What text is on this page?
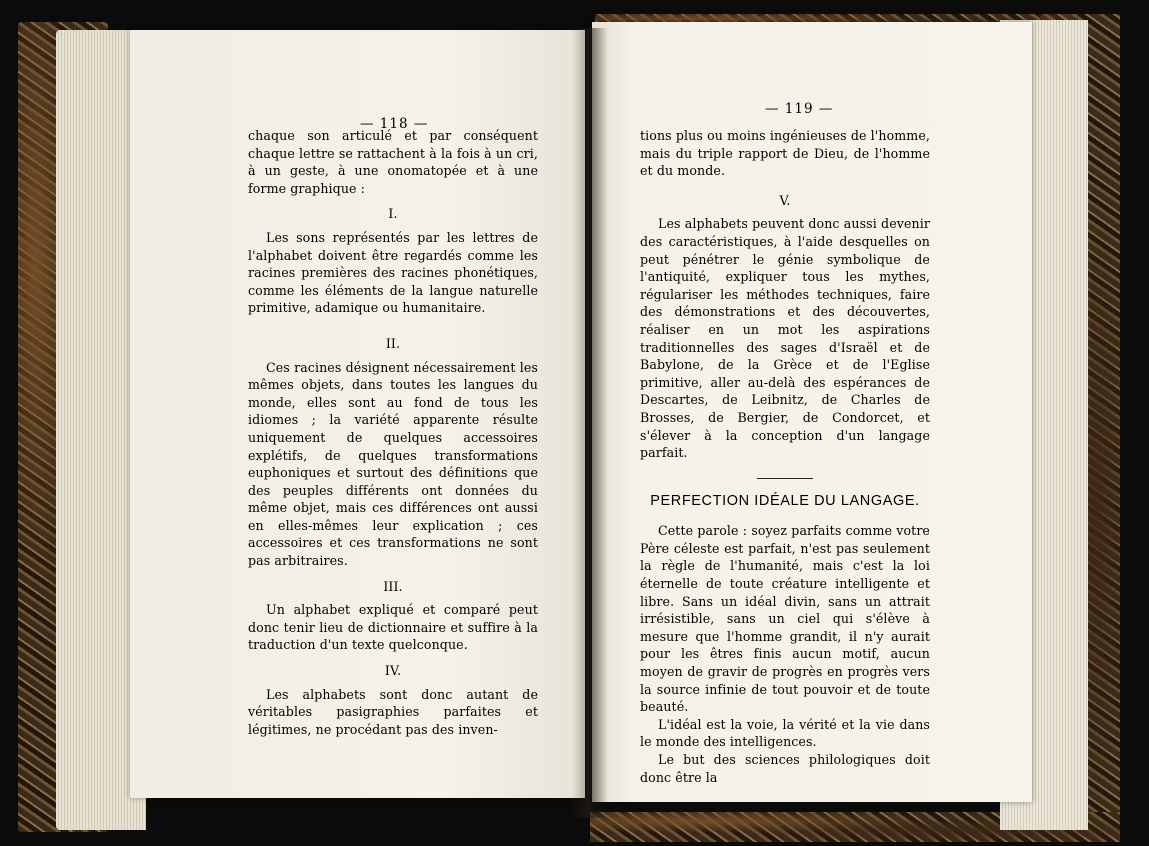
— 118 —

chaque son articulé et par conséquent chaque lettre se rattachent à la fois à un cri, à un geste, à une onomatopée et à une forme graphique :

I.

Les sons représentés par les lettres de l'alphabet doivent être regardés comme les racines premières des racines phonétiques, comme les éléments de la langue naturelle primitive, adamique ou humanitaire.

II.

Ces racines désignent nécessairement les mêmes objets, dans toutes les langues du monde, elles sont au fond de tous les idiomes ; la variété apparente résulte uniquement de quelques accessoires explétifs, de quelques transformations euphoniques et surtout des définitions que des peuples différents ont données du même objet, mais ces différences ont aussi en elles-mêmes leur explication ; ces accessoires et ces transformations ne sont pas arbitraires.

III.

Un alphabet expliqué et comparé peut donc tenir lieu de dictionnaire et suffire à la traduction d'un texte quelconque.

IV.

Les alphabets sont donc autant de véritables pasigraphies parfaites et légitimes, ne procédant pas des inven-

— 119 —

tions plus ou moins ingénieuses de l'homme, mais du triple rapport de Dieu, de l'homme et du monde.

V.

Les alphabets peuvent donc aussi devenir des caractéristiques, à l'aide desquelles on peut pénétrer le génie symbolique de l'antiquité, expliquer tous les mythes, régulariser les méthodes techniques, faire des démonstrations et des découvertes, réaliser en un mot les aspirations traditionnelles des sages d'Israël et de Babylone, de la Grèce et de l'Eglise primitive, aller au-delà des espérances de Descartes, de Leibnitz, de Charles de Brosses, de Bergier, de Condorcet, et s'élever à la conception d'un langage parfait.

PERFECTION IDÉALE DU LANGAGE.

Cette parole : soyez parfaits comme votre Père céleste est parfait, n'est pas seulement la règle de l'humanité, mais c'est la loi éternelle de toute créature intelligente et libre. Sans un idéal divin, sans un attrait irrésistible, sans un ciel qui s'élève à mesure que l'homme grandit, il n'y aurait pour les êtres finis aucun motif, aucun moyen de gravir de progrès en progrès vers la source infinie de tout pouvoir et de toute beauté.

L'idéal est la voie, la vérité et la vie dans le monde des intelligences.

Le but des sciences philologiques doit donc être la
